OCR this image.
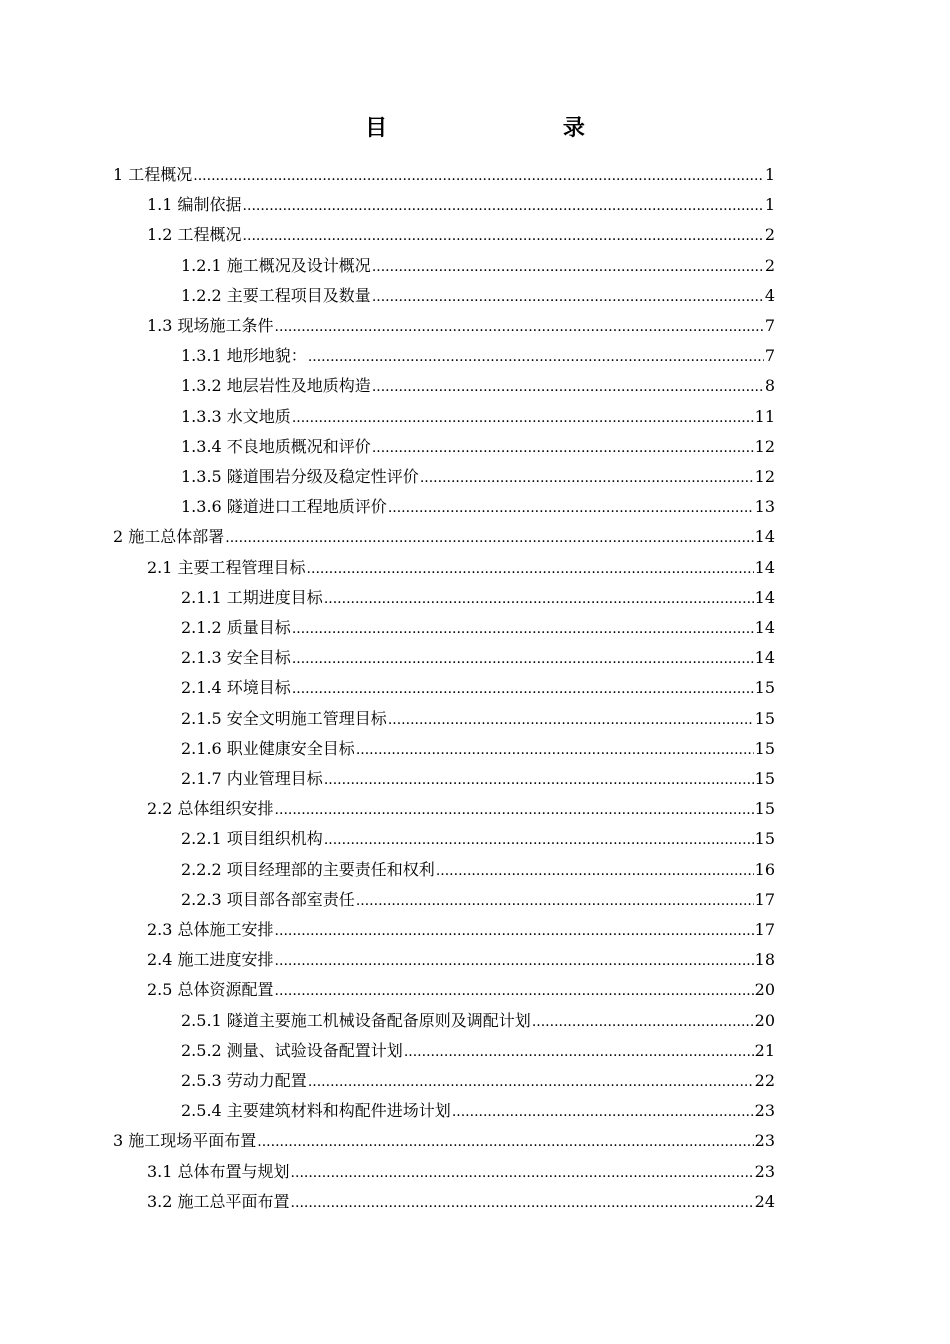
目 录
1 工程概况 .....	1
1.1 编制依据 .....	1
1.2 工程概况 .....	2
1.2.1 施工概况及设计概况 .....	2
1.2.2 主要工程项目及数量 .....	4
1.3 现场施工条件 .....	7
1.3.1 地形地貌： .....	7
1.3.2 地层岩性及地质构造 .....	8
1.3.3 水文地质 .....	11
1.3.4 不良地质概况和评价 .....	12
1.3.5 隧道围岩分级及稳定性评价 .....	12
1.3.6 隧道进口工程地质评价 .....	13
2 施工总体部署 .....	14
2.1 主要工程管理目标 .....	14
2.1.1 工期进度目标 .....	14
2.1.2 质量目标 .....	14
2.1.3 安全目标 .....	14
2.1.4 环境目标 .....	15
2.1.5 安全文明施工管理目标 .....	15
2.1.6 职业健康安全目标 .....	15
2.1.7 内业管理目标 .....	15
2.2 总体组织安排 .....	15
2.2.1 项目组织机构 .....	15
2.2.2 项目经理部的主要责任和权利 .....	16
2.2.3 项目部各部室责任 .....	17
2.3 总体施工安排 .....	17
2.4 施工进度安排 .....	18
2.5 总体资源配置 .....	20
2.5.1 隧道主要施工机械设备配备原则及调配计划 .....	20
2.5.2 测量、试验设备配置计划 .....	21
2.5.3 劳动力配置 .....	22
2.5.4 主要建筑材料和构配件进场计划 .....	23
3 施工现场平面布置 .....	23
3.1 总体布置与规划 .....	23
3.2 施工总平面布置 .....	24
